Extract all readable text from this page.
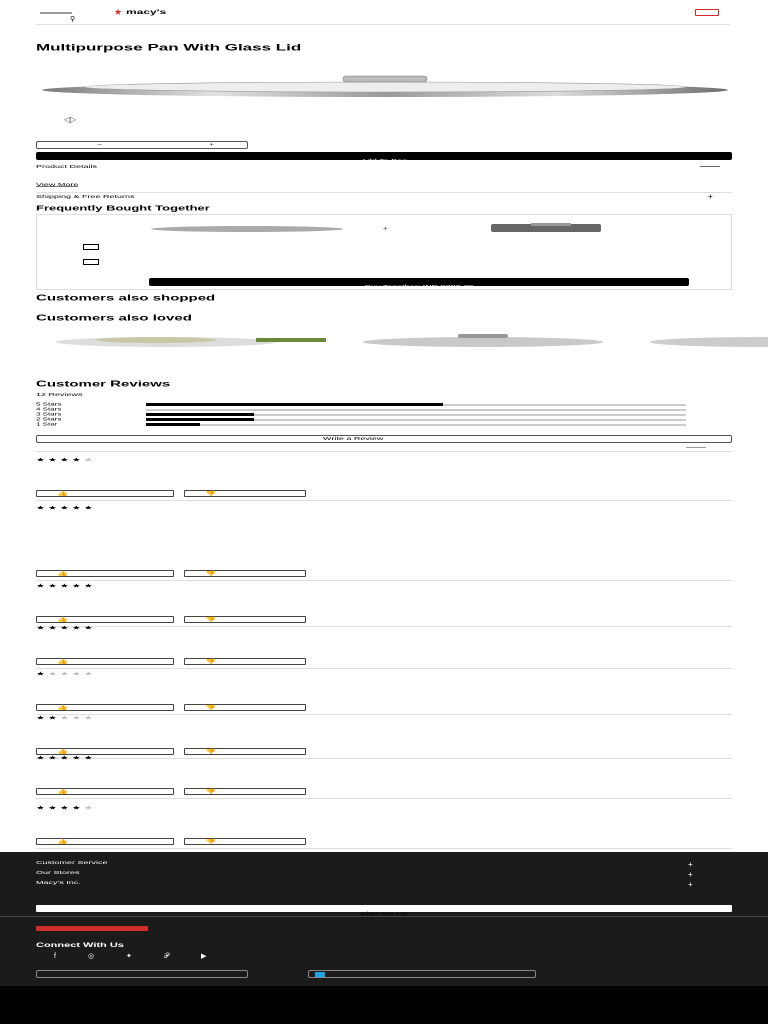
★ macy's
⚲
Multipurpose Pan With Glass Lid
◁▷
−	+
Add To Bag
Product Details
View More
Shipping & Free Returns	+
Frequently Bought Together
+
Buy Together: INR 9280.38
Customers also shopped
Customers also loved
Customer Reviews
12 Reviews
5 Stars
4 Stars
3 Stars
2 Stars
1 Star
Write a Review
★★★★★
👍	👎
★★★★★
👍	👎
★★★★★
👍	👎
★★★★★
👍	👎
★★★★★
👍	👎
★★★★★
👍	👎
★★★★★
👍	👎
★★★★★
👍	👎
Customer Service	+
Our Stores	+
Macy's Inc.	+
Sign Me Up
Connect With Us
f◎✦𝒫▶
